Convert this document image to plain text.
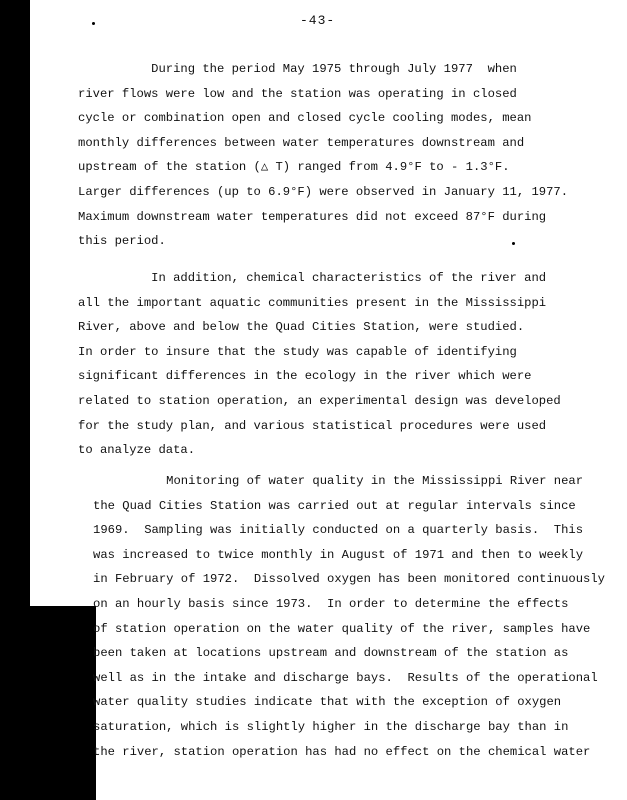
-43-
During the period May 1975 through July 1977  when
river flows were low and the station was operating in closed
cycle or combination open and closed cycle cooling modes, mean
monthly differences between water temperatures downstream and
upstream of the station (△ T) ranged from 4.9°F to - 1.3°F.
Larger differences (up to 6.9°F) were observed in January 11, 1977.
Maximum downstream water temperatures did not exceed 87°F during
this period.
In addition, chemical characteristics of the river and
all the important aquatic communities present in the Mississippi
River, above and below the Quad Cities Station, were studied.
In order to insure that the study was capable of identifying
significant differences in the ecology in the river which were
related to station operation, an experimental design was developed
for the study plan, and various statistical procedures were used
to analyze data.
Monitoring of water quality in the Mississippi River near
the Quad Cities Station was carried out at regular intervals since
1969.  Sampling was initially conducted on a quarterly basis.  This
was increased to twice monthly in August of 1971 and then to weekly
in February of 1972.  Dissolved oxygen has been monitored continuously
on an hourly basis since 1973.  In order to determine the effects
of station operation on the water quality of the river, samples have
been taken at locations upstream and downstream of the station as
well as in the intake and discharge bays.  Results of the operational
water quality studies indicate that with the exception of oxygen
saturation, which is slightly higher in the discharge bay than in
the river, station operation has had no effect on the chemical water
